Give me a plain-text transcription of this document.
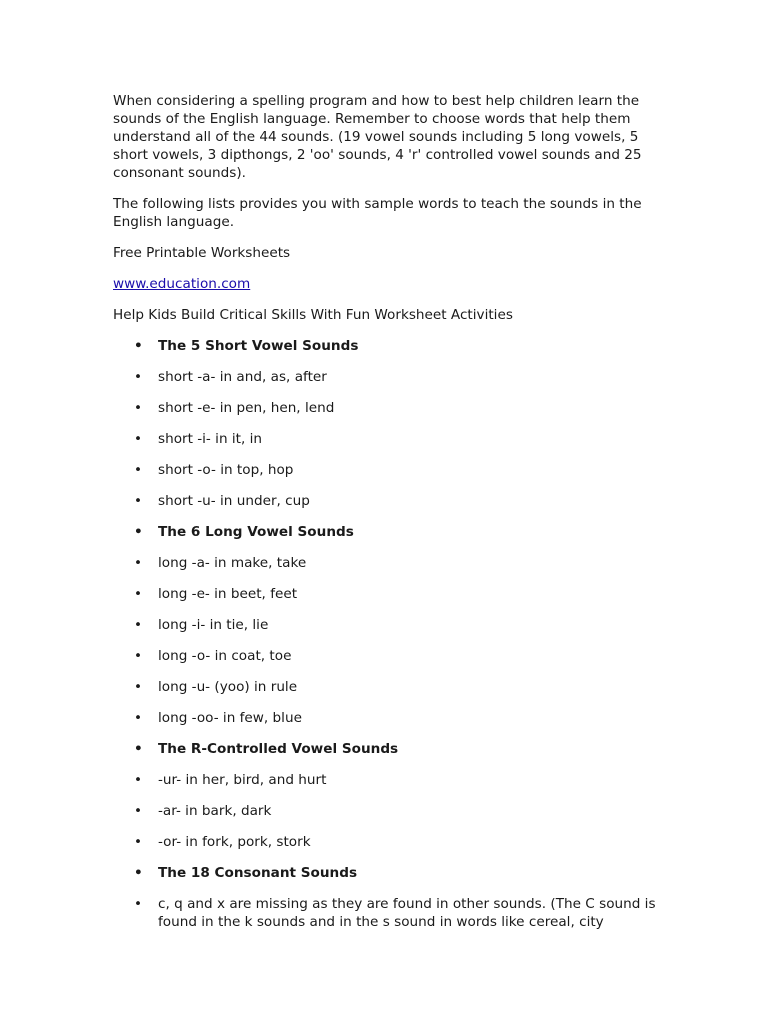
When considering a spelling program and how to best help children learn the sounds of the English language. Remember to choose words that help them understand all of the 44 sounds. (19 vowel sounds including 5 long vowels, 5 short vowels, 3 dipthongs, 2 'oo' sounds, 4 'r' controlled vowel sounds and 25 consonant sounds).

The following lists provides you with sample words to teach the sounds in the English language.

Free Printable Worksheets

www.education.com

Help Kids Build Critical Skills With Fun Worksheet Activities

• The 5 Short Vowel Sounds
• short -a- in and, as, after
• short -e- in pen, hen, lend
• short -i- in it, in
• short -o- in top, hop
• short -u- in under, cup
• The 6 Long Vowel Sounds
• long -a- in make, take
• long -e- in beet, feet
• long -i- in tie, lie
• long -o- in coat, toe
• long -u- (yoo) in rule
• long -oo- in few, blue
• The R-Controlled Vowel Sounds
• -ur- in her, bird, and hurt
• -ar- in bark, dark
• -or- in fork, pork, stork
• The 18 Consonant Sounds
• c, q and x are missing as they are found in other sounds. (The C sound is found in the k sounds and in the s sound in words like cereal, city
